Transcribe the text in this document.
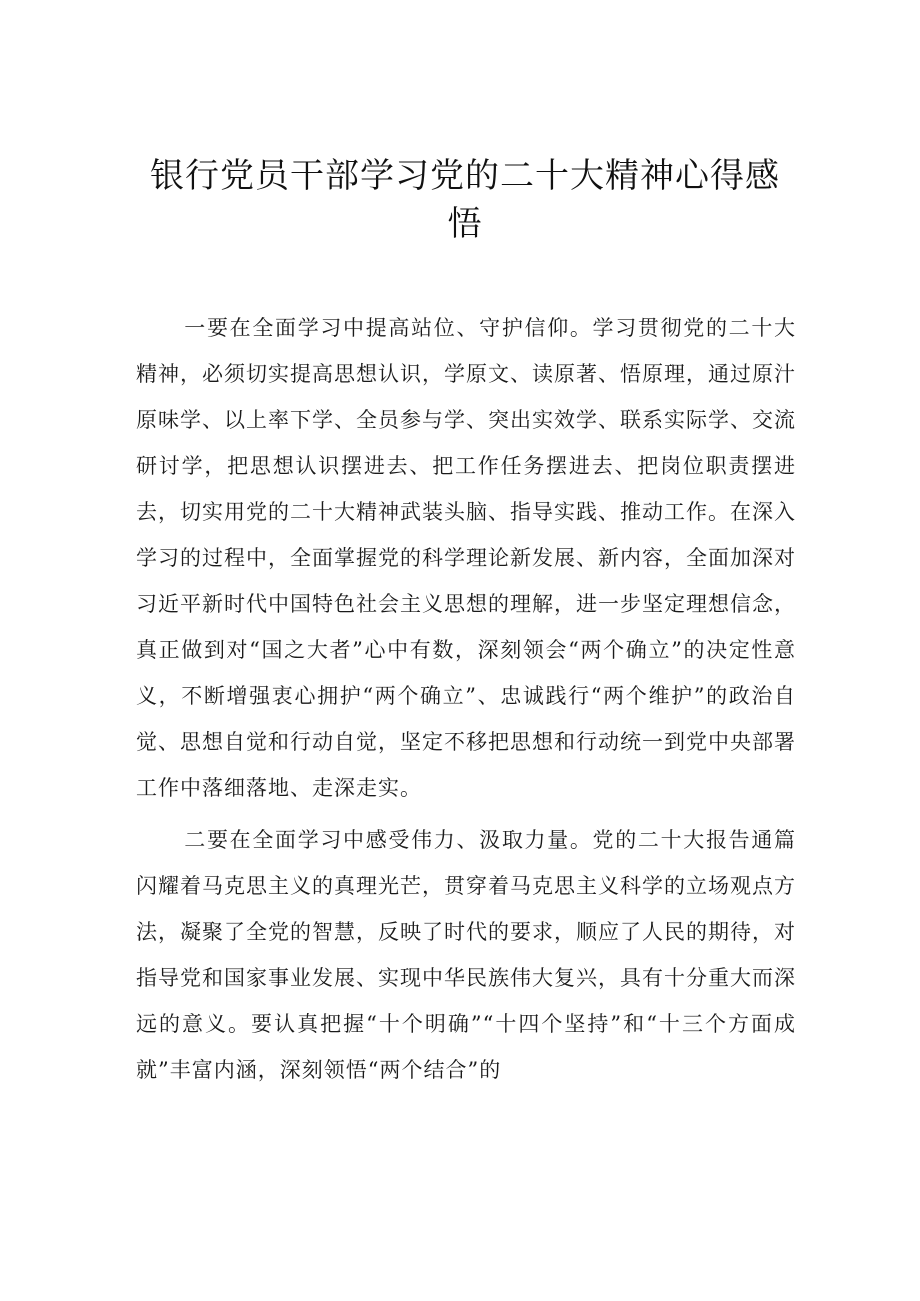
银行党员干部学习党的二十大精神心得感悟

一要在全面学习中提高站位、守护信仰。学习贯彻党的二十大精神，必须切实提高思想认识，学原文、读原著、悟原理，通过原汁原味学、以上率下学、全员参与学、突出实效学、联系实际学、交流研讨学，把思想认识摆进去、把工作任务摆进去、把岗位职责摆进去，切实用党的二十大精神武装头脑、指导实践、推动工作。在深入学习的过程中，全面掌握党的科学理论新发展、新内容，全面加深对习近平新时代中国特色社会主义思想的理解，进一步坚定理想信念，真正做到对“国之大者”心中有数，深刻领会“两个确立”的决定性意义，不断增强衷心拥护“两个确立”、忠诚践行“两个维护”的政治自觉、思想自觉和行动自觉，坚定不移把思想和行动统一到党中央部署工作中落细落地、走深走实。

二要在全面学习中感受伟力、汲取力量。党的二十大报告通篇闪耀着马克思主义的真理光芒，贯穿着马克思主义科学的立场观点方法，凝聚了全党的智慧，反映了时代的要求，顺应了人民的期待，对指导党和国家事业发展、实现中华民族伟大复兴，具有十分重大而深远的意义。要认真把握“十个明确”“十四个坚持”和“十三个方面成就”丰富内涵，深刻领悟“两个结合”的
